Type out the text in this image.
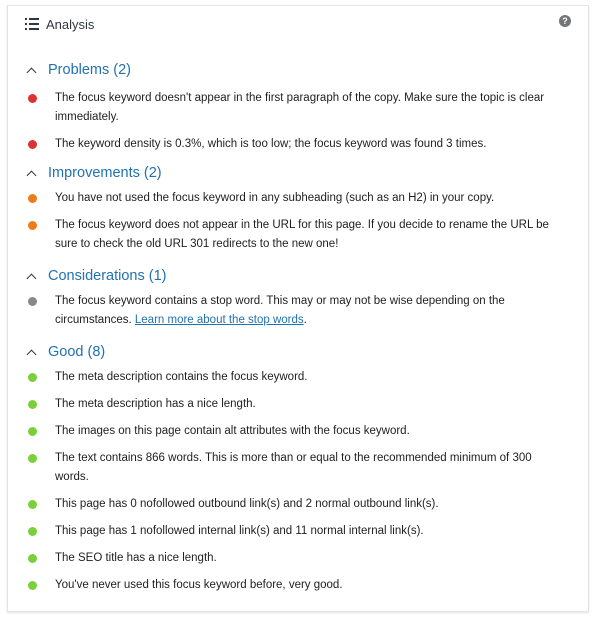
Analysis	?
Problems (2)
The focus keyword doesn't appear in the first paragraph of the copy. Make sure the topic is clear immediately.
The keyword density is 0.3%, which is too low; the focus keyword was found 3 times.
Improvements (2)
You have not used the focus keyword in any subheading (such as an H2) in your copy.
The focus keyword does not appear in the URL for this page. If you decide to rename the URL be sure to check the old URL 301 redirects to the new one!
Considerations (1)
The focus keyword contains a stop word. This may or may not be wise depending on the circumstances. Learn more about the stop words.
Good (8)
The meta description contains the focus keyword.
The meta description has a nice length.
The images on this page contain alt attributes with the focus keyword.
The text contains 866 words. This is more than or equal to the recommended minimum of 300 words.
This page has 0 nofollowed outbound link(s) and 2 normal outbound link(s).
This page has 1 nofollowed internal link(s) and 11 normal internal link(s).
The SEO title has a nice length.
You've never used this focus keyword before, very good.
